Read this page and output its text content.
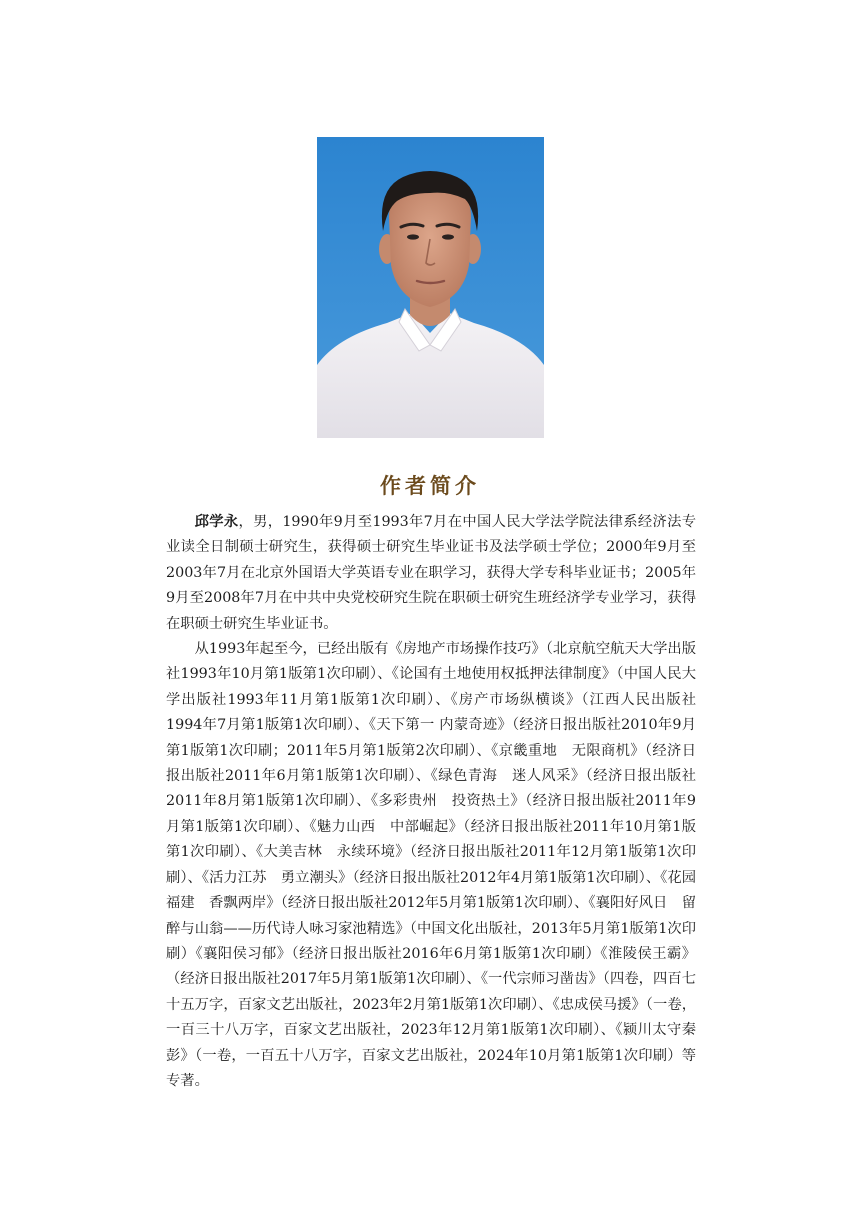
作者简介

邱学永，男，1990年9月至1993年7月在中国人民大学法学院法律系经济法专业读全日制硕士研究生，获得硕士研究生毕业证书及法学硕士学位；2000年9月至2003年7月在北京外国语大学英语专业在职学习，获得大学专科毕业证书；2005年9月至2008年7月在中共中央党校研究生院在职硕士研究生班经济学专业学习，获得在职硕士研究生毕业证书。

从1993年起至今，已经出版有《房地产市场操作技巧》（北京航空航天大学出版社1993年10月第1版第1次印刷）、《论国有土地使用权抵押法律制度》（中国人民大学出版社1993年11月第1版第1次印刷）、《房产市场纵横谈》（江西人民出版社1994年7月第1版第1次印刷）、《天下第一 内蒙奇迹》（经济日报出版社2010年9月第1版第1次印刷；2011年5月第1版第2次印刷）、《京畿重地　无限商机》（经济日报出版社2011年6月第1版第1次印刷）、《绿色青海　迷人风采》（经济日报出版社2011年8月第1版第1次印刷）、《多彩贵州　投资热土》（经济日报出版社2011年9月第1版第1次印刷）、《魅力山西　中部崛起》（经济日报出版社2011年10月第1版第1次印刷）、《大美吉林　永续环境》（经济日报出版社2011年12月第1版第1次印刷）、《活力江苏　勇立潮头》（经济日报出版社2012年4月第1版第1次印刷）、《花园福建　香飘两岸》（经济日报出版社2012年5月第1版第1次印刷）、《襄阳好风日　留醉与山翁——历代诗人咏习家池精选》（中国文化出版社，2013年5月第1版第1次印刷）《襄阳侯习郁》（经济日报出版社2016年6月第1版第1次印刷）《淮陵侯王霸》（经济日报出版社2017年5月第1版第1次印刷）、《一代宗师习凿齿》（四卷，四百七十五万字，百家文艺出版社，2023年2月第1版第1次印刷）、《忠成侯马援》（一卷，一百三十八万字，百家文艺出版社，2023年12月第1版第1次印刷）、《颍川太守秦彭》（一卷，一百五十八万字，百家文艺出版社，2024年10月第1版第1次印刷）等专著。
